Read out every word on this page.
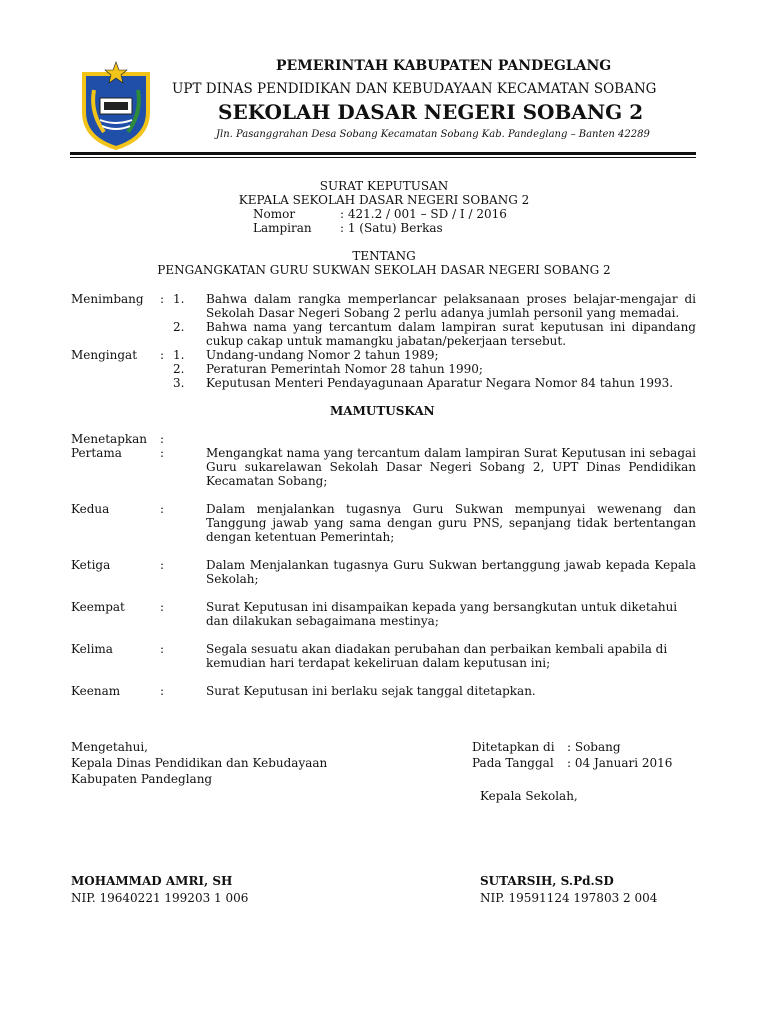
PEMERINTAH KABUPATEN PANDEGLANG
UPT DINAS PENDIDIKAN DAN KEBUDAYAAN KECAMATAN SOBANG
SEKOLAH DASAR NEGERI SOBANG 2
Jln. Pasanggrahan Desa Sobang Kecamatan Sobang Kab. Pandeglang – Banten 42289
SURAT KEPUTUSAN
KEPALA SEKOLAH DASAR NEGERI SOBANG 2
Nomor	: 421.2 / 001 – SD / I / 2016
Lampiran : 1 (Satu) Berkas
TENTANG
PENGANGKATAN GURU SUKWAN SEKOLAH DASAR NEGERI SOBANG 2
Menimbang : 1. Bahwa dalam rangka memperlancar pelaksanaan proses belajar-mengajar di Sekolah Dasar Negeri Sobang 2 perlu adanya jumlah personil yang memadai.
2. Bahwa nama yang tercantum dalam lampiran surat keputusan ini dipandang cukup cakap untuk mamangku jabatan/pekerjaan tersebut.
Mengingat : 1. Undang-undang Nomor 2 tahun 1989;
2. Peraturan Pemerintah Nomor 28 tahun 1990;
3. Keputusan Menteri Pendayagunaan Aparatur Negara Nomor 84 tahun 1993.
MAMUTUSKAN
Menetapkan :
Pertama	:	Mengangkat nama yang tercantum dalam lampiran Surat Keputusan ini sebagai Guru sukarelawan Sekolah Dasar Negeri Sobang 2, UPT Dinas Pendidikan Kecamatan Sobang;
Kedua	:	Dalam menjalankan tugasnya Guru Sukwan mempunyai wewenang dan Tanggung jawab yang sama dengan guru PNS, sepanjang tidak bertentangan dengan ketentuan Pemerintah;
Ketiga	:	Dalam Menjalankan tugasnya Guru Sukwan bertanggung jawab kepada Kepala Sekolah;
Keempat	:	Surat Keputusan ini disampaikan kepada yang bersangkutan untuk diketahui dan dilakukan sebagaimana mestinya;
Kelima	:	Segala sesuatu akan diadakan perubahan dan perbaikan kembali apabila di kemudian hari terdapat kekeliruan dalam keputusan ini;
Keenam	:	Surat Keputusan ini berlaku sejak tanggal ditetapkan.
Mengetahui,
Kepala Dinas Pendidikan dan Kebudayaan
Kabupaten Pandeglang
MOHAMMAD AMRI, SH
NIP. 19640221 199203 1 006
Ditetapkan di : Sobang
Pada Tanggal : 04 Januari 2016
Kepala Sekolah,
SUTARSIH, S.Pd.SD
NIP. 19591124 197803 2 004
